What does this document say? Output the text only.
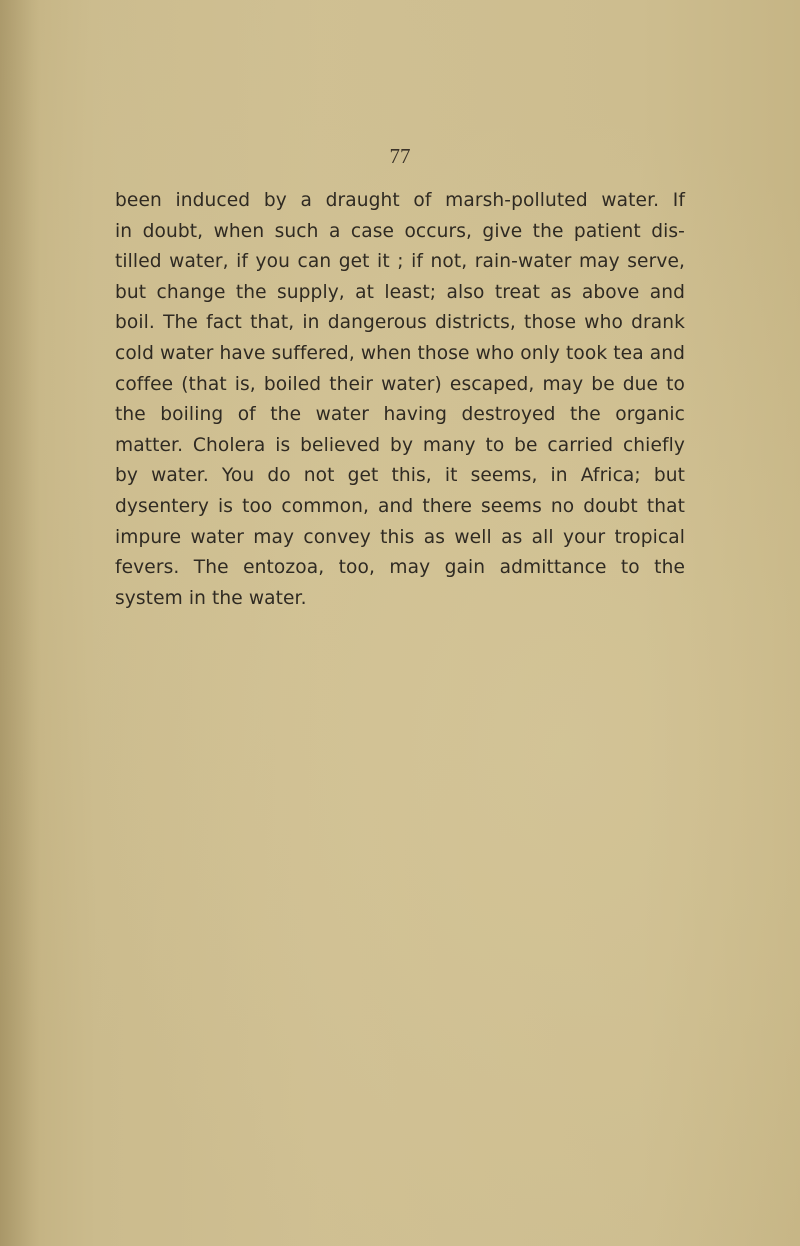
77
been induced by a draught of marsh-polluted water. If
in doubt, when such a case occurs, give the patient dis-
tilled water, if you can get it ; if not, rain-water may serve,
but change the supply, at least; also treat as above and
boil. The fact that, in dangerous districts, those who drank
cold water have suffered, when those who only took tea and
coffee (that is, boiled their water) escaped, may be due to
the boiling of the water having destroyed the organic
matter. Cholera is believed by many to be carried chiefly
by water. You do not get this, it seems, in Africa; but
dysentery is too common, and there seems no doubt that
impure water may convey this as well as all your tropical
fevers. The entozoa, too, may gain admittance to the
system in the water.
